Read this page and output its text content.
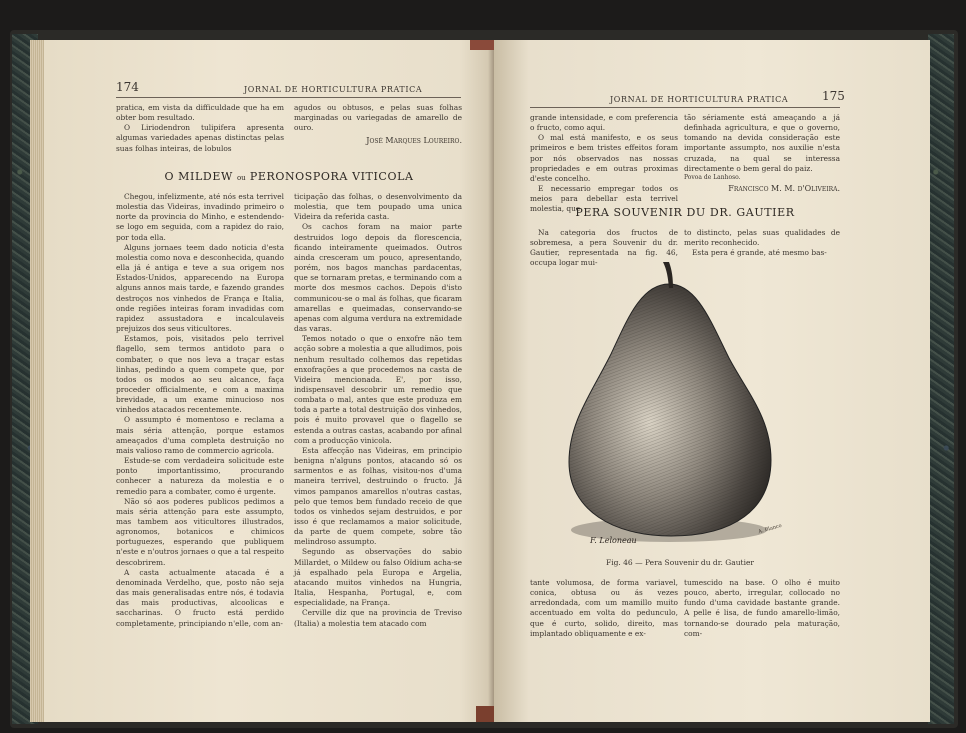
174	JORNAL DE HORTICULTURA PRATICA

pratica, em vista da difficuldade que ha em obter bom resultado.

O Liriodendron tulipifera apresenta algumas variedades apenas distinctas pelas suas folhas inteiras, de lobulos

agudos ou obtusos, e pelas suas folhas marginadas ou variegadas de amarello de ouro.

José Marques Loureiro.
O MILDEW ou PERONOSPORA VITICOLA

Chegou, infelizmente, até nós esta terrivel molestia das Videiras, invadindo primeiro o norte da provincia do Minho, e estendendo-se logo em seguida, com a rapidez do raio, por toda ella.

Alguns jornaes teem dado noticia d'esta molestia como nova e desconhecida, quando ella já é antiga e teve a sua origem nos Estados-Unidos, apparecendo na Europa alguns annos mais tarde, e fazendo grandes destroços nos vinhedos de França e Italia, onde regiões inteiras foram invadidas com rapidez assustadora e incalculaveis prejuizos dos seus viticultores.

Estamos, pois, visitados pelo terrivel flagello, sem termos antidoto para o combater, o que nos leva a traçar estas linhas, pedindo a quem compete que, por todos os modos ao seu alcance, faça proceder officialmente, e com a maxima brevidade, a um exame minucioso nos vinhedos atacados recentemente.

O assumpto é momentoso e reclama a mais séria attenção, porque estamos ameaçados d'uma completa destruição no mais valioso ramo de commercio agricola.

Estude-se com verdadeira solicitude este ponto importantissimo, procurando conhecer a natureza da molestia e o remedio para a combater, como é urgente.

Não só aos poderes publicos pedimos a mais séria attenção para este assumpto, mas tambem aos viticultores illustrados, agronomos, botanicos e chimicos portuguezes, esperando que publiquem n'este e n'outros jornaes o que a tal respeito descobrirem.

A casta actualmente atacada é a denominada Verdelho, que, posto não seja das mais generalisadas entre nós, é todavia das mais productivas, alcoolicas e saccharinas. O fructo está perdido completamente, principiando n'elle, com an-

ticipação das folhas, o desenvolvimento da molestia, que tem poupado uma unica Videira da referida casta.

Os cachos foram na maior parte destruidos logo depois da florescencia, ficando inteiramente queimados. Outros ainda cresceram um pouco, apresentando, porém, nos bagos manchas pardacentas, que se tornaram pretas, e terminando com a morte dos mesmos cachos. Depois d'isto communicou-se o mal ás folhas, que ficaram amarellas e queimadas, conservando-se apenas com alguma verdura na extremidade das varas.

Temos notado o que o enxofre não tem acção sobre a molestia a que alludimos, pois nenhum resultado colhemos das repetidas enxofrações a que procedemos na casta de Videira mencionada. E', por isso, indispensavel descobrir um remedio que combata o mal, antes que este produza em toda a parte a total destruição dos vinhedos, pois é muito provavel que o flagello se estenda a outras castas, acabando por afinal com a producção vinicola.

Esta affecção nas Videiras, em principio benigna n'alguns pontos, atacando só os sarmentos e as folhas, visitou-nos d'uma maneira terrivel, destruindo o fructo. Já vimos pampanos amarellos n'outras castas, pelo que temos bem fundado receio de que todos os vinhedos sejam destruidos, e por isso é que reclamamos a maior solicitude, da parte de quem compete, sobre tão melindroso assumpto.

Segundo as observações do sabio Millardet, o Mildew ou falso Oïdium acha-se já espalhado pela Europa e Argelia, atacando muitos vinhedos na Hungria, Italia, Hespanha, Portugal, e, com especialidade, na França.

Cerville diz que na provincia de Treviso (Italia) a molestia tem atacado com

JORNAL DE HORTICULTURA PRATICA	175

grande intensidade, e com preferencia o fructo, como aqui.

O mal está manifesto, e os seus primeiros e bem tristes effeitos foram por nós observados nas nossas propriedades e em outras proximas d'este concelho.

E necessario empregar todos os meios para debellar esta terrivel molestia, que

tão sériamente está ameaçando a já definhada agricultura, e que o governo, tomando na devida consideração este importante assumpto, nos auxilie n'esta cruzada, na qual se interessa directamente o bem geral do paiz.

Povoa de Lanhoso.
Francisco M. M. d'Oliveira.
PERA SOUVENIR DU DR. GAUTIER

Na categoria dos fructos de sobremesa, a pera Souvenir du dr. Gautier, representada na fig. 46, occupa logar mui-

to distincto, pelas suas qualidades de merito reconhecido.

Esta pera é grande, até mesmo bas-

F. Leloneau
A. Blanco
Fig. 46 — Pera Souvenir du dr. Gautier

tante volumosa, de forma variavel, conica, obtusa ou ás vezes arredondada, com um mamillo muito accentuado em volta do pedunculo, que é curto, solido, direito, mas implantado obliquamente e ex-

tumescido na base. O olho é muito pouco, aberto, irregular, collocado no fundo d'uma cavidade bastante grande. A pelle é lisa, de fundo amarello-limão, tornando-se dourado pela maturação, com-
